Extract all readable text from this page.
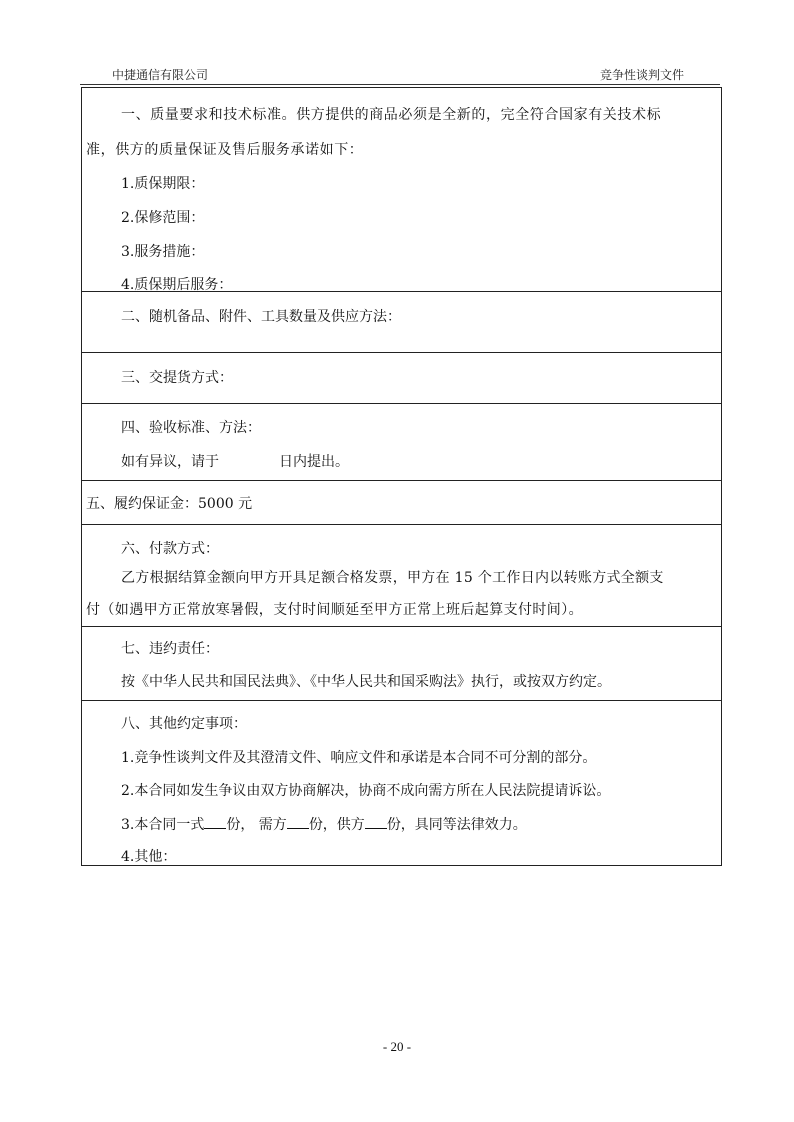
中捷通信有限公司	竞争性谈判文件
一、质量要求和技术标准。供方提供的商品必须是全新的，完全符合国家有关技术标
准，供方的质量保证及售后服务承诺如下：
1.质保期限：
2.保修范围：
3.服务措施：
4.质保期后服务：
二、随机备品、附件、工具数量及供应方法：
三、交提货方式：
四、验收标准、方法：
如有异议，请于	日内提出。
五、履约保证金：5000 元
六、付款方式：
乙方根据结算金额向甲方开具足额合格发票，甲方在 15 个工作日内以转账方式全额支
付（如遇甲方正常放寒暑假，支付时间顺延至甲方正常上班后起算支付时间）。
七、违约责任：
按《中华人民共和国民法典》、《中华人民共和国采购法》执行，或按双方约定。
八、其他约定事项：
1.竞争性谈判文件及其澄清文件、响应文件和承诺是本合同不可分割的部分。
2.本合同如发生争议由双方协商解决，协商不成向需方所在人民法院提请诉讼。
3.本合同一式 份， 需方 份，供方 份，具同等法律效力。
4.其他：
- 20 -
